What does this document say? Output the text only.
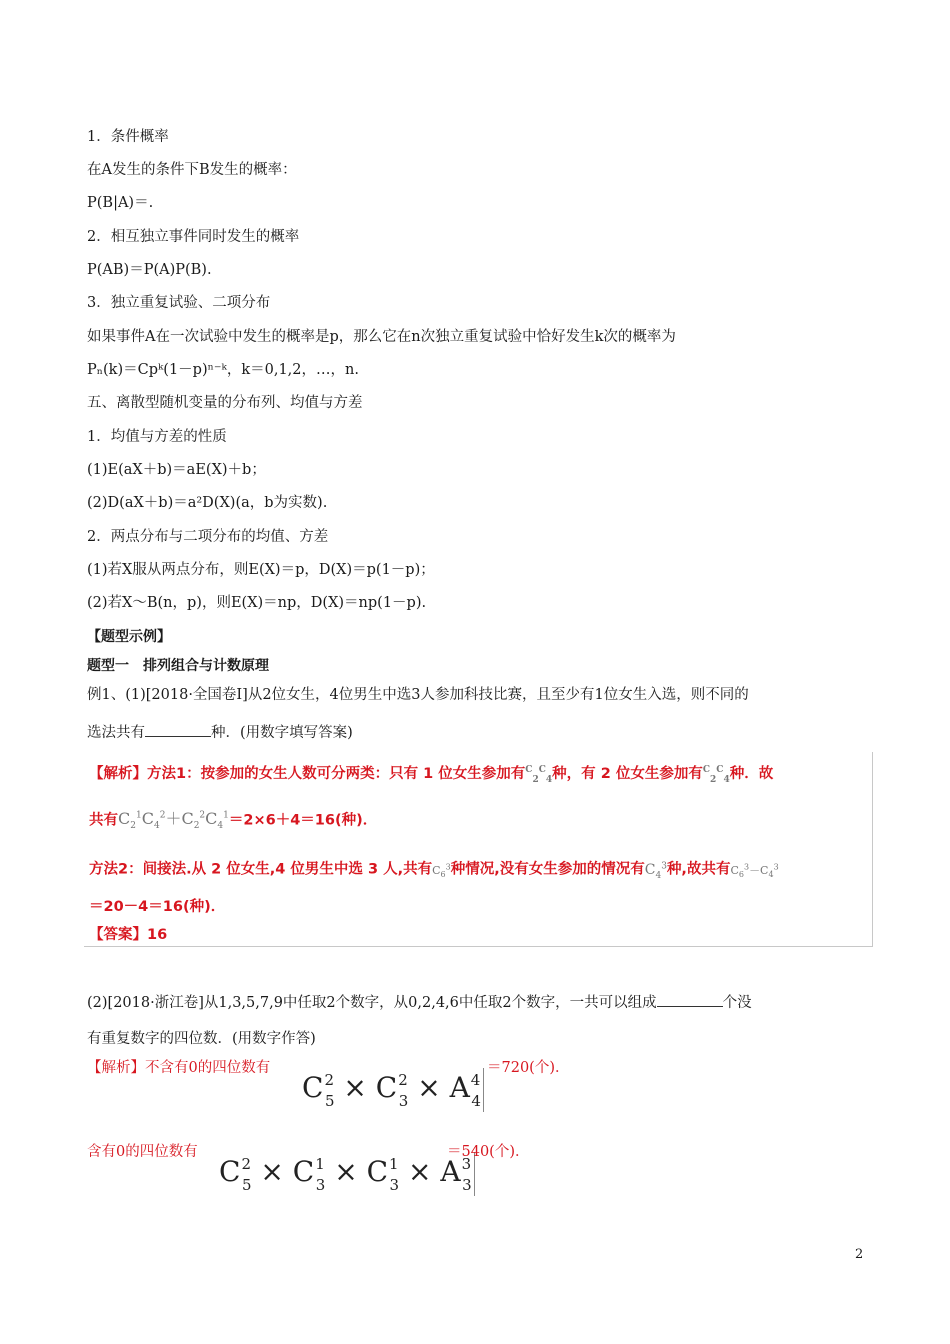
1．条件概率
在A发生的条件下B发生的概率：
P(B|A)＝.
2．相互独立事件同时发生的概率
P(AB)＝P(A)P(B).
3．独立重复试验、二项分布
如果事件A在一次试验中发生的概率是p，那么它在n次独立重复试验中恰好发生k次的概率为
Pₙ(k)＝Cpᵏ(1－p)ⁿ⁻ᵏ，k＝0,1,2，…，n.
五、离散型随机变量的分布列、均值与方差
1．均值与方差的性质
(1)E(aX＋b)＝aE(X)＋b；
(2)D(aX＋b)＝a²D(X)(a，b为实数).
2．两点分布与二项分布的均值、方差
(1)若X服从两点分布，则E(X)＝p，D(X)＝p(1－p)；
(2)若X～B(n，p)，则E(X)＝np，D(X)＝np(1－p).
【题型示例】
题型一　排列组合与计数原理
例1、(1)[2018·全国卷Ⅰ]从2位女生，4位男生中选3人参加科技比赛，且至少有1位女生入选，则不同的
选法共有	种．(用数字填写答案)
【解析】方法1：按参加的女生人数可分两类：只有 1 位女生参加有$^C_2^C_4$种，有 2 位女生参加有$^C_2^C_4$种．故
共有$C_2^1C_4^2+C_2^2C_4^1=2\times 6+4=16$(种)．
方法2：间接法.从 2 位女生,4 位男生中选 3 人,共有$C_6^3$种情况,没有女生参加的情况有$C_4^3$种,故共有$C_6^3-C_4^3$
＝20－4＝16(种)．
【答案】16
(2)[2018·浙江卷]从1,3,5,7,9中任取2个数字，从0,2,4,6中任取2个数字，一共可以组成	个没
有重复数字的四位数．(用数字作答)
【解析】不含有0的四位数有
$C^2_5 \times C^2_3 \times A^4_4$
＝720(个)．
含有0的四位数有
$C^2_5 \times C^1_3 \times C^1_3 \times A^3_3$
＝540(个)．
2
